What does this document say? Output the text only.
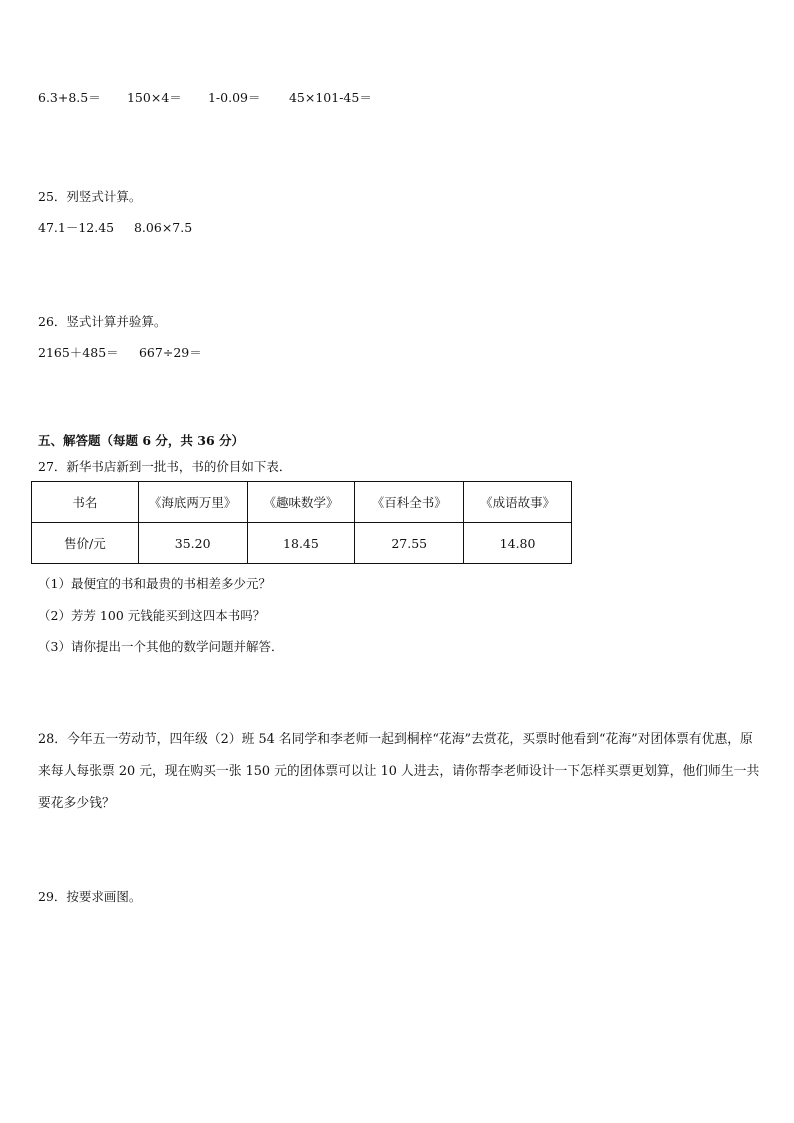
6.3+8.5＝ 150×4＝ 1-0.09＝ 45×101-45＝
25．列竖式计算。
47.1－12.45 8.06×7.5
26．竖式计算并验算。
2165＋485＝ 667÷29＝
五、解答题（每题 6 分，共 36 分）
27．新华书店新到一批书，书的价目如下表．
书名	《海底两万里》	《趣味数学》	《百科全书》	《成语故事》
售价/元	35.20	18.45	27.55	14.80
（1）最便宜的书和最贵的书相差多少元？
（2）芳芳 100 元钱能买到这四本书吗？
（3）请你提出一个其他的数学问题并解答．
28．今年五一劳动节，四年级（2）班 54 名同学和李老师一起到桐梓“花海”去赏花，买票时他看到“花海”对团体票有优惠，原来每人每张票 20 元，现在购买一张 150 元的团体票可以让 10 人进去，请你帮李老师设计一下怎样买票更划算，他们师生一共要花多少钱？
29．按要求画图。
